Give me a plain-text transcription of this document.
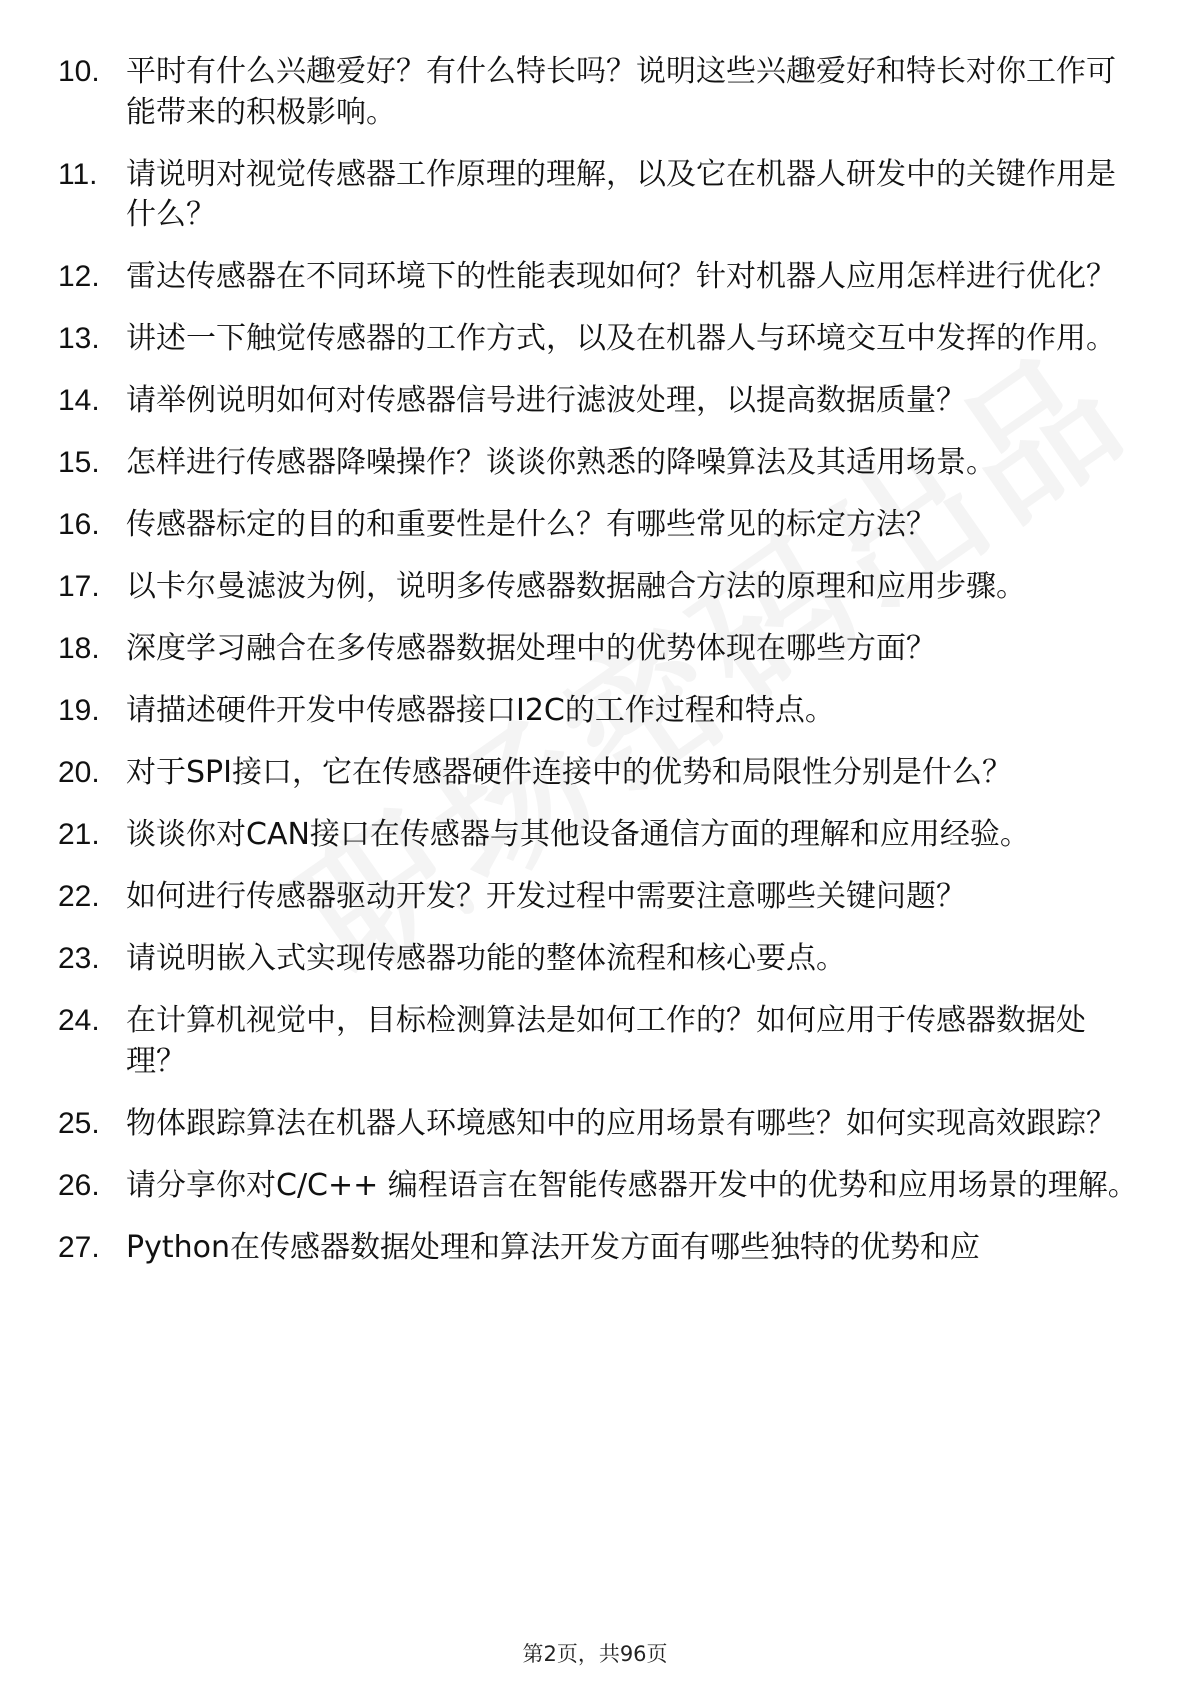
10. 平时有什么兴趣爱好？有什么特长吗？说明这些兴趣爱好和特长对你工作可能带来的积极影响。
11. 请说明对视觉传感器工作原理的理解，以及它在机器人研发中的关键作用是什么？
12. 雷达传感器在不同环境下的性能表现如何？针对机器人应用怎样进行优化？
13. 讲述一下触觉传感器的工作方式，以及在机器人与环境交互中发挥的作用。
14. 请举例说明如何对传感器信号进行滤波处理，以提高数据质量？
15. 怎样进行传感器降噪操作？谈谈你熟悉的降噪算法及其适用场景。
16. 传感器标定的目的和重要性是什么？有哪些常见的标定方法？
17. 以卡尔曼滤波为例，说明多传感器数据融合方法的原理和应用步骤。
18. 深度学习融合在多传感器数据处理中的优势体现在哪些方面？
19. 请描述硬件开发中传感器接口I2C的工作过程和特点。
20. 对于SPI接口，它在传感器硬件连接中的优势和局限性分别是什么？
21. 谈谈你对CAN接口在传感器与其他设备通信方面的理解和应用经验。
22. 如何进行传感器驱动开发？开发过程中需要注意哪些关键问题？
23. 请说明嵌入式实现传感器功能的整体流程和核心要点。
24. 在计算机视觉中，目标检测算法是如何工作的？如何应用于传感器数据处理？
25. 物体跟踪算法在机器人环境感知中的应用场景有哪些？如何实现高效跟踪？
26. 请分享你对C/C++ 编程语言在智能传感器开发中的优势和应用场景的理解。
27. Python在传感器数据处理和算法开发方面有哪些独特的优势和应
第2页，共96页
